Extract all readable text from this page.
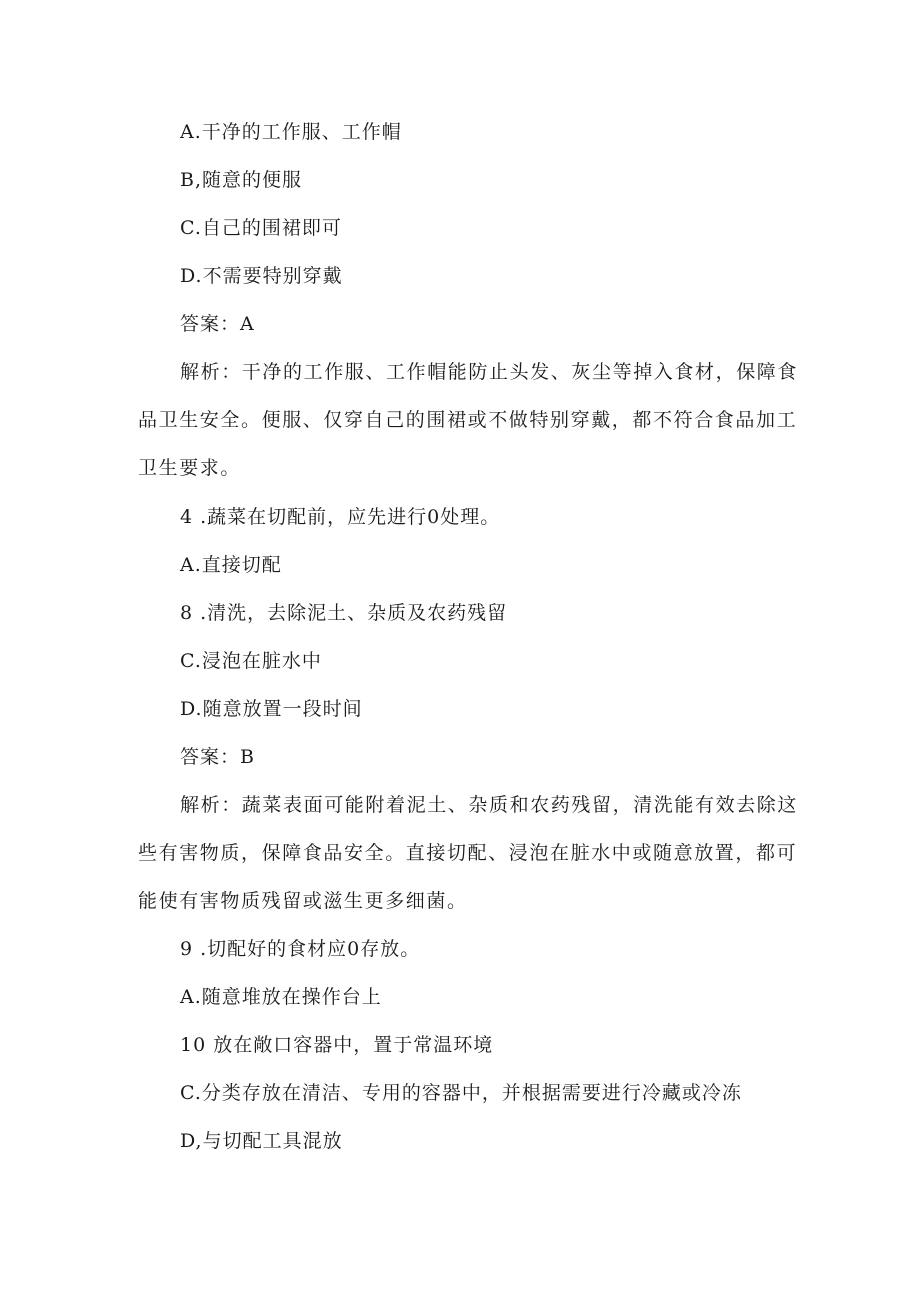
A.干净的工作服、工作帽
B,随意的便服
C.自己的围裙即可
D.不需要特别穿戴
答案：A
解析：干净的工作服、工作帽能防止头发、灰尘等掉入食材，保障食
品卫生安全。便服、仅穿自己的围裙或不做特别穿戴，都不符合食品加工
卫生要求。
4 .蔬菜在切配前，应先进行0处理。
A.直接切配
8 .清洗，去除泥土、杂质及农药残留
C.浸泡在脏水中
D.随意放置一段时间
答案：B
解析：蔬菜表面可能附着泥土、杂质和农药残留，清洗能有效去除这
些有害物质，保障食品安全。直接切配、浸泡在脏水中或随意放置，都可
能使有害物质残留或滋生更多细菌。
9 .切配好的食材应0存放。
A.随意堆放在操作台上
10 放在敞口容器中，置于常温环境
C.分类存放在清洁、专用的容器中，并根据需要进行冷藏或冷冻
D,与切配工具混放
